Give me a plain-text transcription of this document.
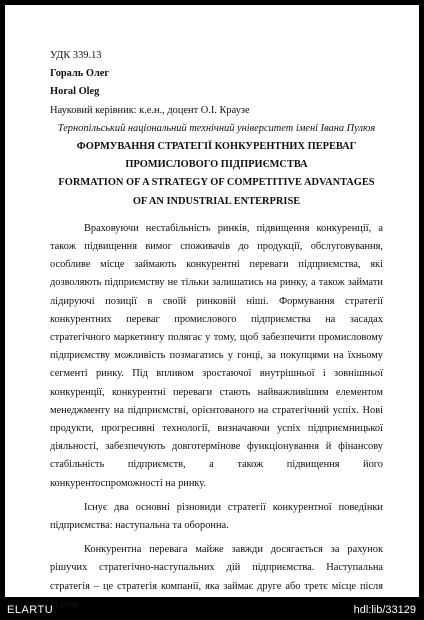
УДК 339.13
Гораль Олег
Horal Oleg
Науковий керівник: к.е.н., доцент О.І. Краузе
Тернопільський національний технічний університет імені Івана Пулюя
ФОРМУВАННЯ СТРАТЕГІЇ КОНКУРЕНТНИХ ПЕРЕВАГ
ПРОМИСЛОВОГО ПІДПРИЄМСТВА
FORMATION OF A STRATEGY OF COMPETITIVE ADVANTAGES
OF AN INDUSTRIAL ENTERPRISE

Враховуючи нестабільність ринків, підвищення конкуренції, а також підвищення вимог споживачів до продукції, обслуговування, особливе місце займають конкурентні переваги підприємства, які дозволяють підприємству не тільки залишатись на ринку, а також займати лідируючі позиції в своїй ринковій ніші. Формування стратегії конкурентних переваг промислового підприємства на засадах стратегічного маркетингу полягає у тому, щоб забезпечити промисловому підприємству можливість позмагатись у гонці, за покупцями на їхньому сегменті ринку. Під впливом зростаючої внутрішньої і зовнішньої конкуренції, конкурентні переваги стають найважливішим елементом менеджменту на підприємстві, орієнтованого на стратегічний успіх. Нові продукти, прогресивні технології, визначаючи успіх підприємницької діяльності, забезпечують довготермінове функціонування й фінансову стабільність підприємств, а також підвищення його конкурентоспроможності на ринку.

Існує два основні різновиди стратегії конкурентної поведінки підприємства: наступальна та оборонна.

Конкурентна перевага майже завжди досягається за рахунок рішучих стратегічно-наступальних дій підприємства. Наступальна стратегія – це стратегія компанії, яка займає друге або третє місце після лідера.

ELARTU	hdl:lib/33129
